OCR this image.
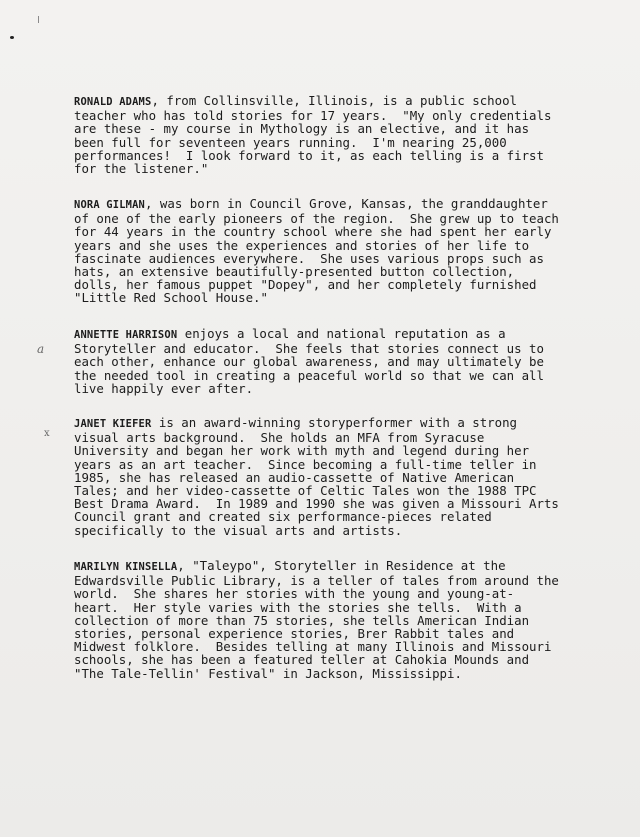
a
x
RONALD ADAMS, from Collinsville, Illinois, is a public school
teacher who has told stories for 17 years.  "My only credentials
are these - my course in Mythology is an elective, and it has
been full for seventeen years running.  I'm nearing 25,000
performances!  I look forward to it, as each telling is a first
for the listener."
NORA GILMAN, was born in Council Grove, Kansas, the granddaughter
of one of the early pioneers of the region.  She grew up to teach
for 44 years in the country school where she had spent her early
years and she uses the experiences and stories of her life to
fascinate audiences everywhere.  She uses various props such as
hats, an extensive beautifully-presented button collection,
dolls, her famous puppet "Dopey", and her completely furnished
"Little Red School House."
ANNETTE HARRISON enjoys a local and national reputation as a
Storyteller and educator.  She feels that stories connect us to
each other, enhance our global awareness, and may ultimately be
the needed tool in creating a peaceful world so that we can all
live happily ever after.
JANET KIEFER is an award-winning storyperformer with a strong
visual arts background.  She holds an MFA from Syracuse
University and began her work with myth and legend during her
years as an art teacher.  Since becoming a full-time teller in
1985, she has released an audio-cassette of Native American
Tales; and her video-cassette of Celtic Tales won the 1988 TPC
Best Drama Award.  In 1989 and 1990 she was given a Missouri Arts
Council grant and created six performance-pieces related
specifically to the visual arts and artists.
MARILYN KINSELLA, "Taleypo", Storyteller in Residence at the
Edwardsville Public Library, is a teller of tales from around the
world.  She shares her stories with the young and young-at-
heart.  Her style varies with the stories she tells.  With a
collection of more than 75 stories, she tells American Indian
stories, personal experience stories, Brer Rabbit tales and
Midwest folklore.  Besides telling at many Illinois and Missouri
schools, she has been a featured teller at Cahokia Mounds and
"The Tale-Tellin' Festival" in Jackson, Mississippi.
